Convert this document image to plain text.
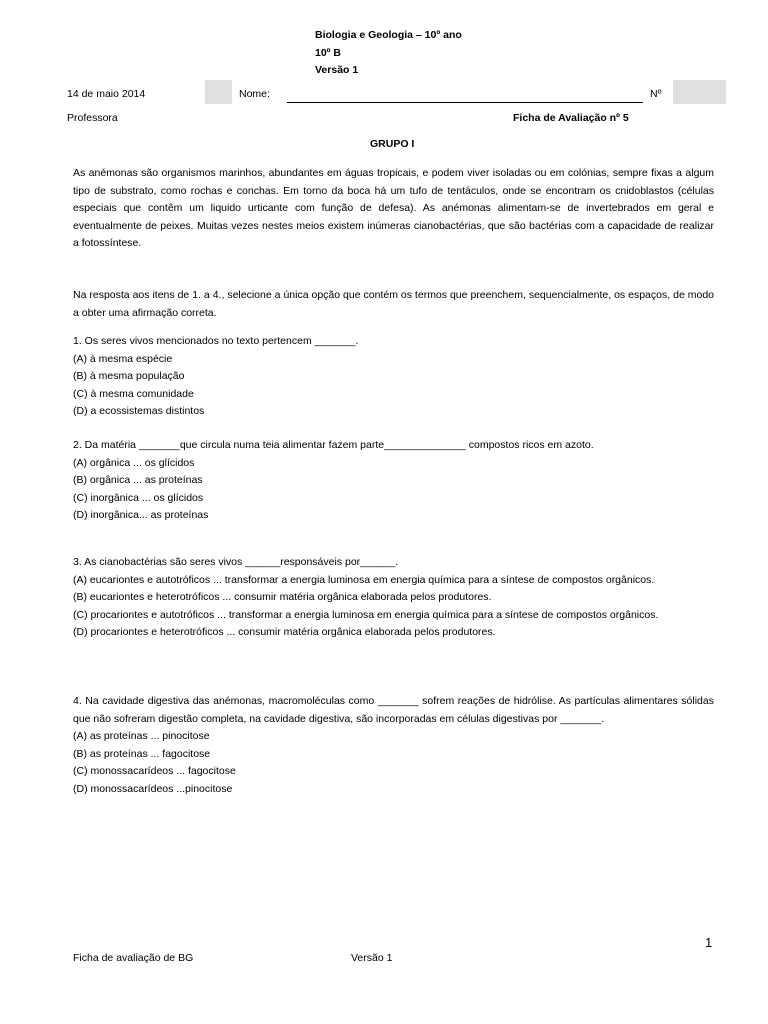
Biologia e Geologia – 10º ano
10º B
Versão 1
14 de maio 2014	Nome:	Nº
Professora	Ficha de Avaliação nº 5
GRUPO I
As anémonas são organismos marinhos, abundantes em águas tropicais, e podem viver isoladas ou em colónias, sempre fixas a algum tipo de substrato, como rochas e conchas. Em torno da boca há um tufo de tentáculos, onde se encontram os cnidoblastos (células especiais que contêm um liquido urticante com função de defesa). As anémonas alimentam-se de invertebrados em geral e eventualmente de peixes. Muitas vezes nestes meios existem inúmeras cianobactérias, que são bactérias com a capacidade de realizar a fotossíntese.
Na resposta aos itens de 1. a 4., selecione a única opção que contém os termos que preenchem, sequencialmente, os espaços, de modo a obter uma afirmação correta.
1. Os seres vivos mencionados no texto pertencem _______.
(A) à mesma espécie
(B) à mesma população
(C) à mesma comunidade
(D) a ecossistemas distintos
2. Da matéria _______que circula numa teia alimentar fazem parte______________ compostos ricos em azoto.
(A) orgânica ... os glícidos
(B) orgânica ... as proteínas
(C) inorgânica ... os glícidos
(D) inorgânica... as proteínas
3. As cianobactérias são seres vivos ______responsáveis por______.
(A) eucariontes e autotróficos ... transformar a energia luminosa em energia química para a síntese de compostos orgânicos.
(B) eucariontes e heterotróficos ... consumir matéria orgânica elaborada pelos produtores.
(C) procariontes e autotróficos ... transformar a energia luminosa em energia química para a síntese de compostos orgânicos.
(D) procariontes e heterotróficos ... consumir matéria orgânica elaborada pelos produtores.
4. Na cavidade digestiva das anémonas, macromoléculas como _______ sofrem reações de hidrólise. As partículas alimentares sólidas que não sofreram digestão completa, na cavidade digestiva, são incorporadas em células digestivas por _______.
(A) as proteínas ... pinocitose
(B) as proteínas ... fagocitose
(C) monossacarídeos ... fagocitose
(D) monossacarídeos ...pinocitose
1
Ficha de avaliação de BG	Versão 1
